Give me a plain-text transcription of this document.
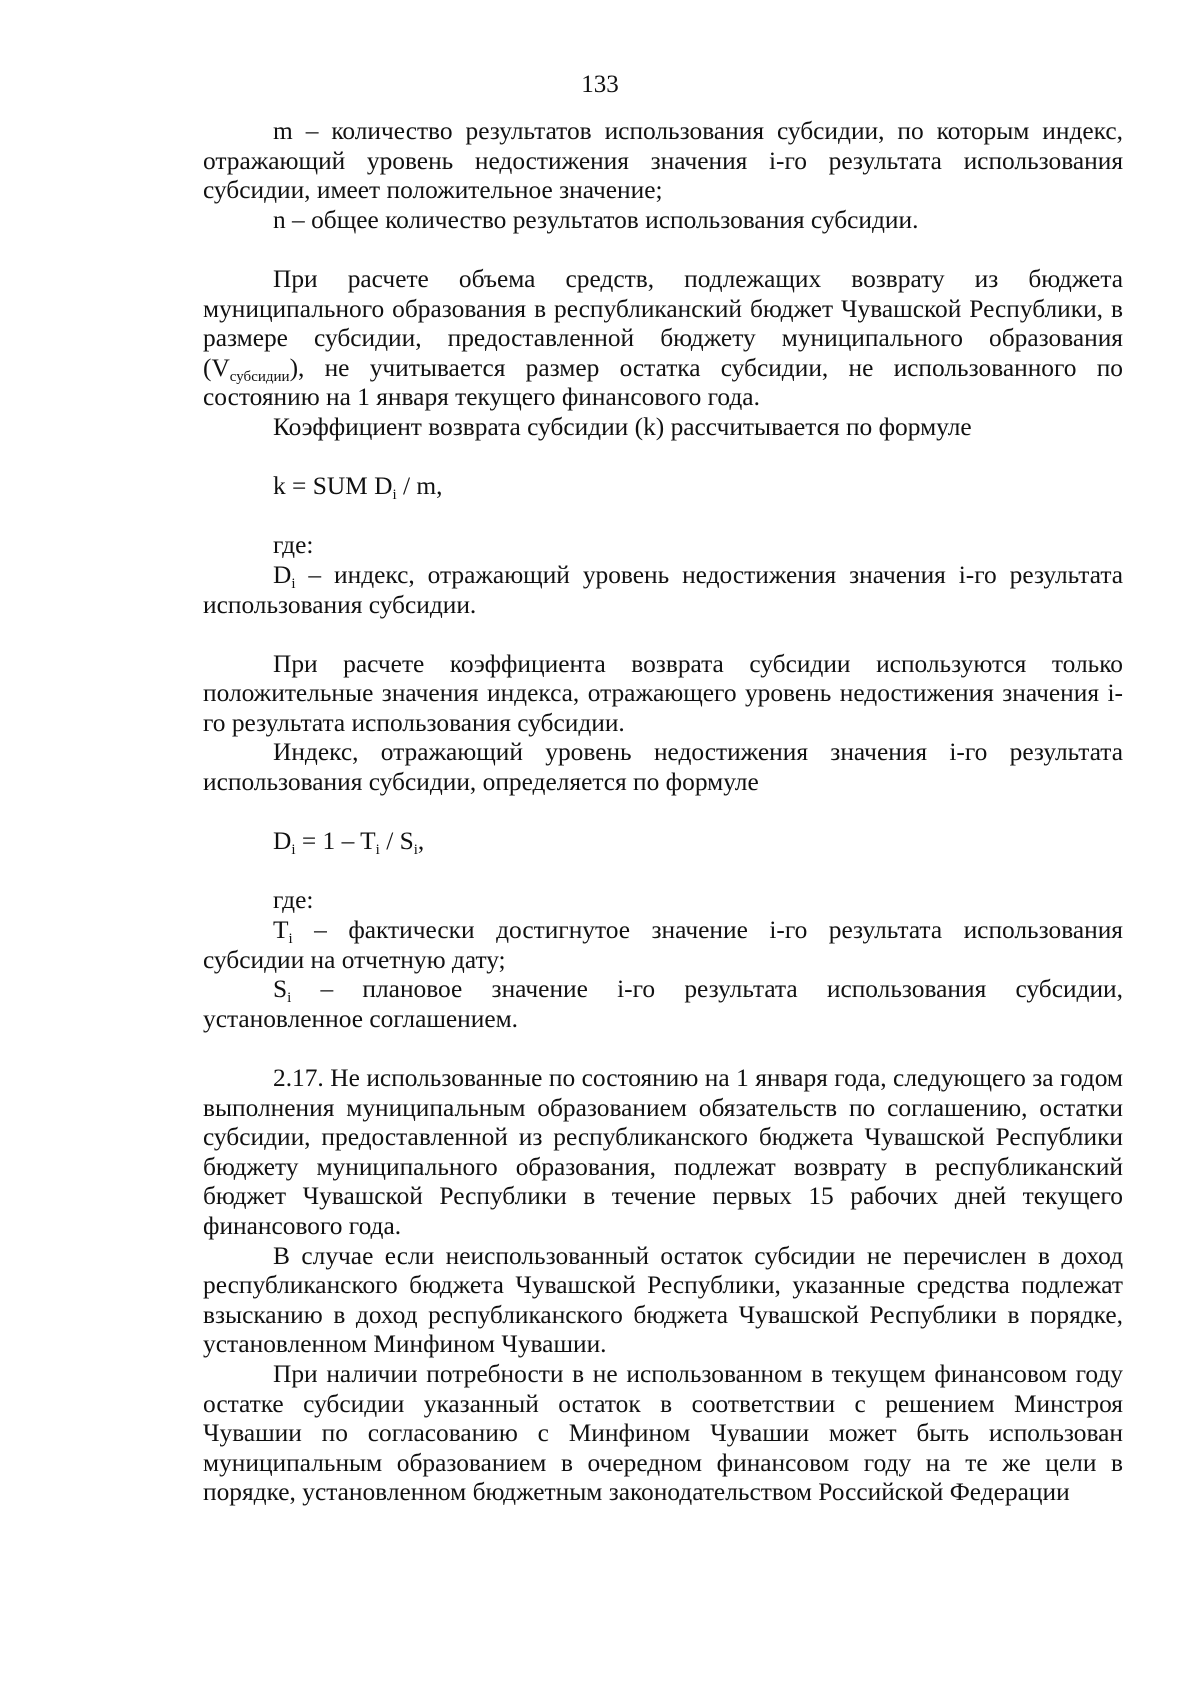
133

m – количество результатов использования субсидии, по которым индекс, отражающий уровень недостижения значения i-го результата использования субсидии, имеет положительное значение;

n – общее количество результатов использования субсидии.

При расчете объема средств, подлежащих возврату из бюджета муниципального образования в республиканский бюджет Чувашской Республики, в размере субсидии, предоставленной бюджету муниципального образования $(V_{субсидии})$, не учитывается размер остатка субсидии, не использованного по состоянию на 1 января текущего финансового года.

Коэффициент возврата субсидии (k) рассчитывается по формуле

k = SUM $D_i$ / m,

где:

$D_i$ – индекс, отражающий уровень недостижения значения i-го результата использования субсидии.

При расчете коэффициента возврата субсидии используются только положительные значения индекса, отражающего уровень недостижения значения i-го результата использования субсидии.

Индекс, отражающий уровень недостижения значения i-го результата использования субсидии, определяется по формуле

$D_i = 1 - T_i / S_i$,

где:

$T_i$ – фактически достигнутое значение i-го результата использования субсидии на отчетную дату;

$S_i$ – плановое значение i-го результата использования субсидии, установленное соглашением.

2.17. Не использованные по состоянию на 1 января года, следующего за годом выполнения муниципальным образованием обязательств по соглашению, остатки субсидии, предоставленной из республиканского бюджета Чувашской Республики бюджету муниципального образования, подлежат возврату в республиканский бюджет Чувашской Республики в течение первых 15 рабочих дней текущего финансового года.

В случае если неиспользованный остаток субсидии не перечислен в доход республиканского бюджета Чувашской Республики, указанные средства подлежат взысканию в доход республиканского бюджета Чувашской Республики в порядке, установленном Минфином Чувашии.

При наличии потребности в не использованном в текущем финансовом году остатке субсидии указанный остаток в соответствии с решением Минстроя Чувашии по согласованию с Минфином Чувашии может быть использован муниципальным образованием в очередном финансовом году на те же цели в порядке, установленном бюджетным законодательством Российской Федерации
